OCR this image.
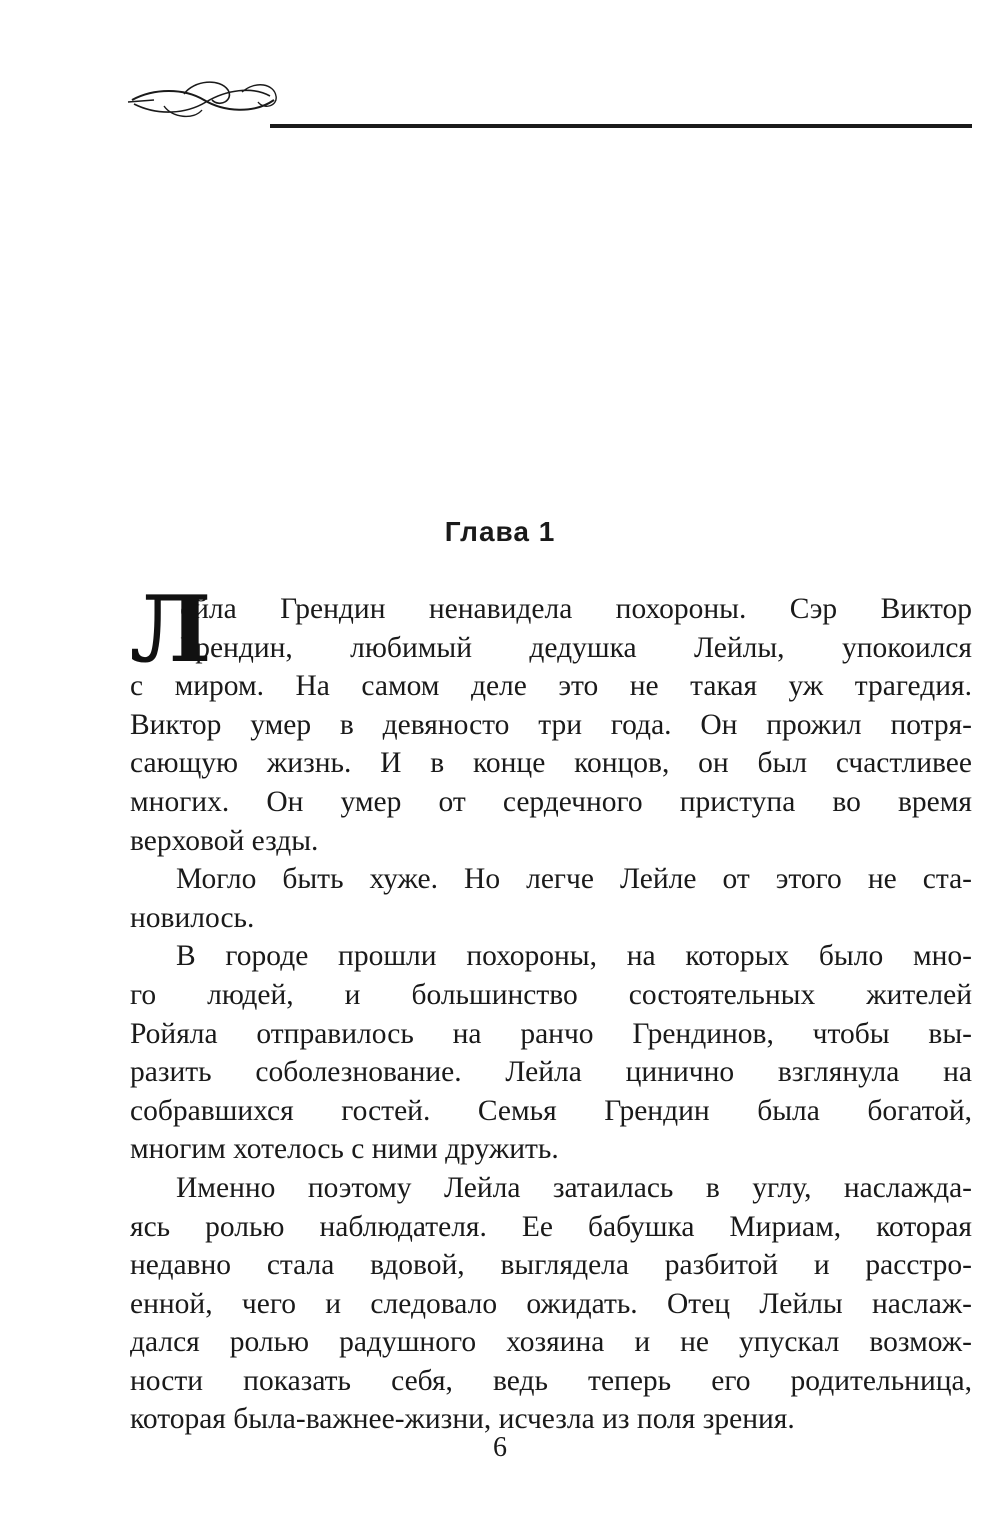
Глава 1
Л
ейла Грендин ненавидела похороны. Сэр Виктор
Грендин, любимый дедушка Лейлы, упокоился
с миром. На самом деле это не такая уж трагедия.
Виктор умер в девяносто три года. Он прожил потря-
сающую жизнь. И в конце концов, он был счастливее
многих. Он умер от сердечного приступа во время
верховой езды.
Могло быть хуже. Но легче Лейле от этого не ста-
новилось.
В городе прошли похороны, на которых было мно-
го людей, и большинство состоятельных жителей
Ройяла отправилось на ранчо Грендинов, чтобы вы-
разить соболезнование. Лейла цинично взглянула на
собравшихся гостей. Семья Грендин была богатой,
многим хотелось с ними дружить.
Именно поэтому Лейла затаилась в углу, наслажда-
ясь ролью наблюдателя. Ее бабушка Мириам, которая
недавно стала вдовой, выглядела разбитой и расстро-
енной, чего и следовало ожидать. Отец Лейлы наслаж-
дался ролью радушного хозяина и не упускал возмож-
ности показать себя, ведь теперь его родительница,
которая была-важнее-жизни, исчезла из поля зрения.
6
